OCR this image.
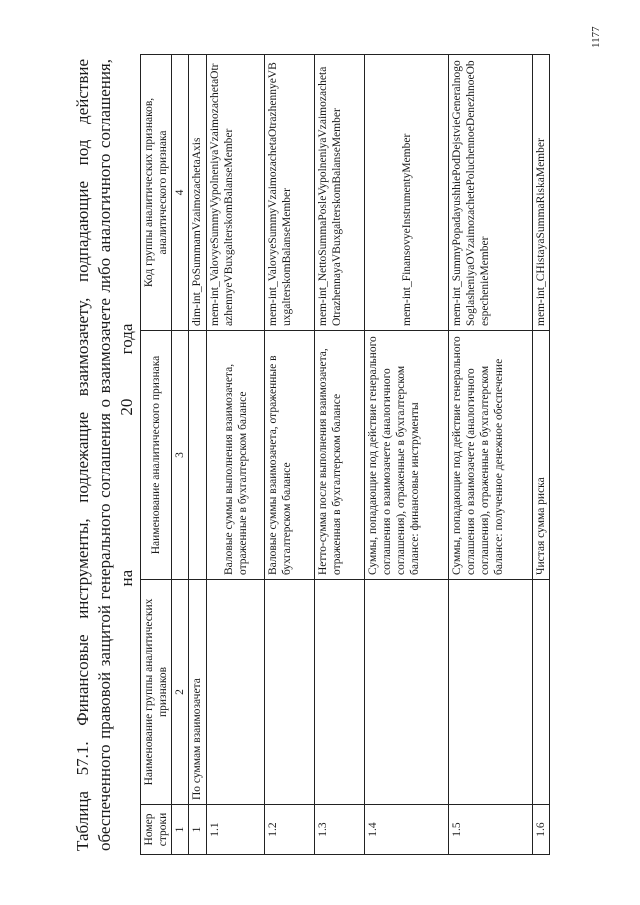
1177
Таблица 57.1. Финансовые инструменты, подлежащие взаимозачету, подпадающие под действие обеспеченного правовой защитой генерального соглашения о взаимозачете либо аналогичного соглашения, на 20 года
Номер строки	Наименование группы аналитических признаков	Наименование аналитического признака	Код группы аналитических признаков, аналитического признака
1	2	3	4
1	По суммам взаимозачета		dim-int_PoSummamVzaimozachetaAxis
1.1		Валовые суммы выполнения взаимозачета, отраженные в бухгалтерском балансе	mem-int_ValovyeSummyVypolneniyaVzaimozachetaOtrazhennyeVBuxgalterskomBalanseMember
1.2		Валовые суммы взаимозачета, отраженные в бухгалтерском балансе	mem-int_ValovyeSummyVzaimozachetaOtrazhennyeVBuxgalterskomBalanseMember
1.3		Нетто-сумма после выполнения взаимозачета, отраженная в бухгалтерском балансе	mem-int_NettoSummaPosleVypolneniyaVzaimozachetaOtrazhennayaVBuxgalterskomBalanseMember
1.4		Суммы, попадающие под действие генерального соглашения о взаимозачете (аналогичного соглашения), отраженные в бухгалтерском балансе: финансовые инструменты	mem-int_FinansovyeInstrumentyMember
1.5		Суммы, попадающие под действие генерального соглашения о взаимозачете (аналогичного соглашения), отраженные в бухгалтерском балансе: полученное денежное обеспечение	mem-int_SummyPopadayushhiePodDejstvieGeneralnogoSoglasheniyaOVzaimozachetePoluchennoeDenezhnoeObespechenieMember
1.6		Чистая сумма риска	mem-int_CHistayaSummaRiskaMember
